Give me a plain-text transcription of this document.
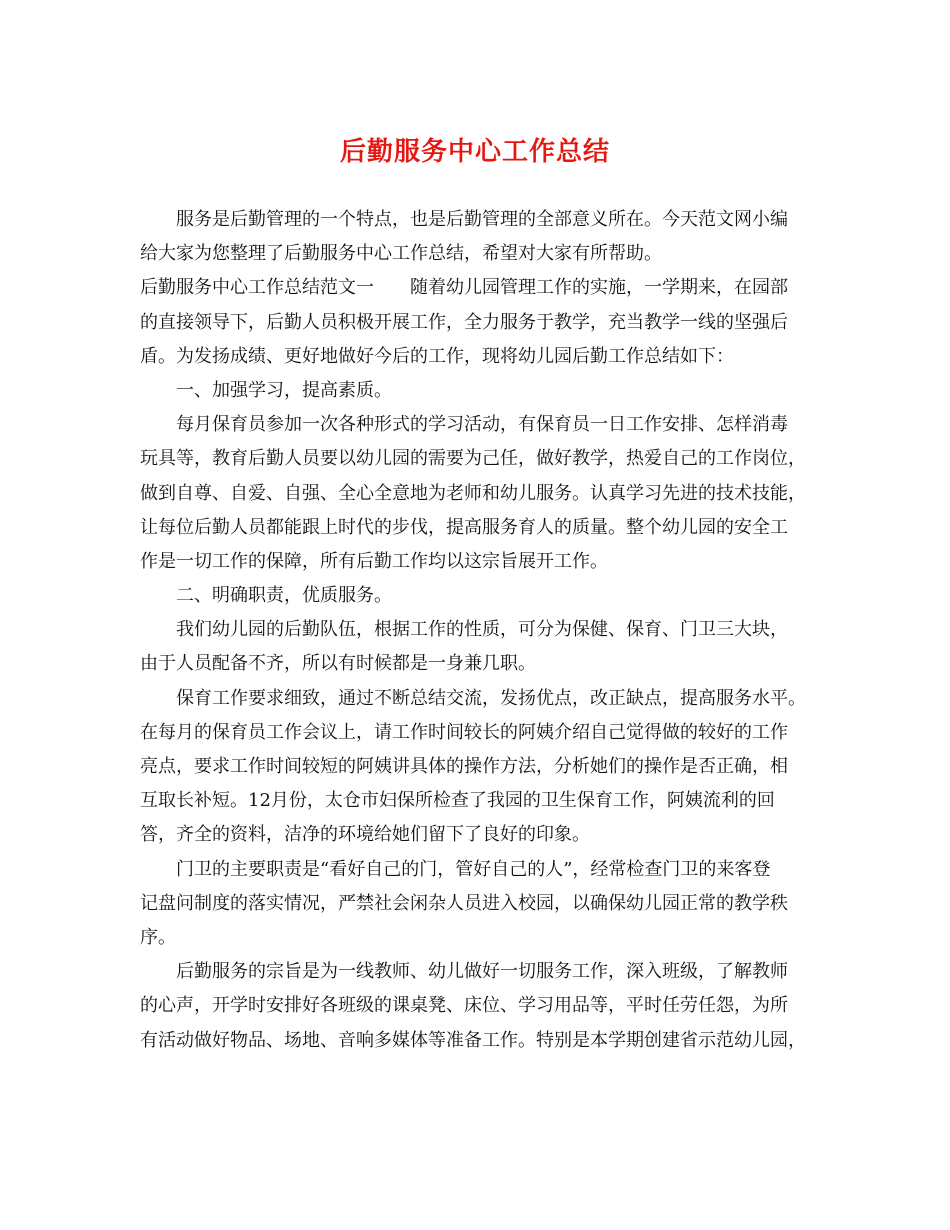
后勤服务中心工作总结
服务是后勤管理的一个特点，也是后勤管理的全部意义所在。今天范文网小编
给大家为您整理了后勤服务中心工作总结，希望对大家有所帮助。
后勤服务中心工作总结范文一 随着幼儿园管理工作的实施，一学期来，在园部
的直接领导下，后勤人员积极开展工作，全力服务于教学，充当教学一线的坚强后
盾。为发扬成绩、更好地做好今后的工作，现将幼儿园后勤工作总结如下：
一、加强学习，提高素质。
每月保育员参加一次各种形式的学习活动，有保育员一日工作安排、怎样消毒
玩具等，教育后勤人员要以幼儿园的需要为己任，做好教学，热爱自己的工作岗位，
做到自尊、自爱、自强、全心全意地为老师和幼儿服务。认真学习先进的技术技能，
让每位后勤人员都能跟上时代的步伐，提高服务育人的质量。整个幼儿园的安全工
作是一切工作的保障，所有后勤工作均以这宗旨展开工作。
二、明确职责，优质服务。
我们幼儿园的后勤队伍，根据工作的性质，可分为保健、保育、门卫三大块，
由于人员配备不齐，所以有时候都是一身兼几职。
保育工作要求细致，通过不断总结交流，发扬优点，改正缺点，提高服务水平。
在每月的保育员工作会议上，请工作时间较长的阿姨介绍自己觉得做的较好的工作
亮点，要求工作时间较短的阿姨讲具体的操作方法，分析她们的操作是否正确，相
互取长补短。12月份，太仓市妇保所检查了我园的卫生保育工作，阿姨流利的回
答，齐全的资料，洁净的环境给她们留下了良好的印象。
门卫的主要职责是“看好自己的门，管好自己的人”，经常检查门卫的来客登
记盘问制度的落实情况，严禁社会闲杂人员进入校园，以确保幼儿园正常的教学秩
序。
后勤服务的宗旨是为一线教师、幼儿做好一切服务工作，深入班级，了解教师
的心声，开学时安排好各班级的课桌凳、床位、学习用品等，平时任劳任怨，为所
有活动做好物品、场地、音响多媒体等准备工作。特别是本学期创建省示范幼儿园，
